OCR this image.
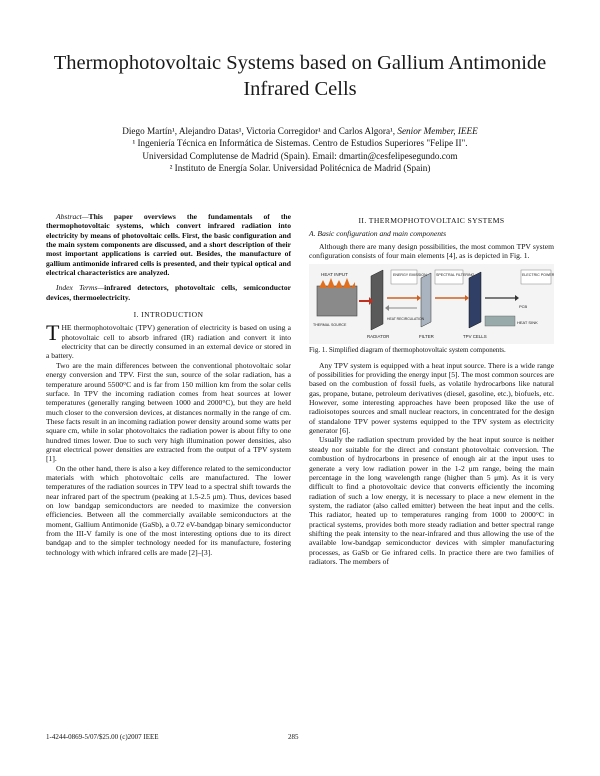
Thermophotovoltaic Systems based on Gallium Antimonide Infrared Cells
Diego Martín¹, Alejandro Datas¹, Victoria Corregidor¹ and Carlos Algora¹, Senior Member, IEEE
¹ Ingeniería Técnica en Informática de Sistemas. Centro de Estudios Superiores "Felipe II".
Universidad Complutense de Madrid (Spain). Email: dmartin@cesfelipesegundo.com
² Instituto de Energía Solar. Universidad Politécnica de Madrid (Spain)

Abstract—This paper overviews the fundamentals of the thermophotovoltaic systems, which convert infrared radiation into electricity by means of photovoltaic cells. First, the basic configuration and the main system components are discussed, and a short description of their most important applications is carried out. Besides, the manufacture of gallium antimonide infrared cells is presented, and their typical optical and electrical characteristics are analyzed.

Index Terms—infrared detectors, photovoltaic cells, semiconductor devices, thermoelectricity.

I. INTRODUCTION

THE thermophotovoltaic (TPV) generation of electricity is based on using a photovoltaic cell to absorb infrared (IR) radiation and convert it into electricity that can be directly consumed in an external device or stored in a battery.

Two are the main differences between the conventional photovoltaic solar energy conversion and TPV. First the sun, source of the solar radiation, has a temperature around 5500°C and is far from 150 million km from the solar cells surface. In TPV the incoming radiation comes from heat sources at lower temperatures (generally ranging between 1000 and 2000°C), but they are held much closer to the conversion devices, at distances normally in the range of cm. These facts result in an incoming radiation power density around some watts per square cm, while in solar photovoltaics the radiation power is about fifty to one hundred times lower. Due to such very high illumination power densities, also great electrical power densities are extracted from the output of a TPV system [1].

On the other hand, there is also a key difference related to the semiconductor materials with which photovoltaic cells are manufactured. The lower temperatures of the radiation sources in TPV lead to a spectral shift towards the near infrared part of the spectrum (peaking at 1.5-2.5 μm). Thus, devices based on low bandgap semiconductors are needed to maximize the conversion efficiencies. Between all the commercially available semiconductors at the moment, Gallium Antimonide (GaSb), a 0.72 eV-bandgap binary semiconductor from the III-V family is one of the most interesting options due to its direct bandgap and to the simpler technology needed for its manufacture, fostering technology with which infrared cells are made [2]–[3].

II. THERMOPHOTOVOLTAIC SYSTEMS
A. Basic configuration and main components

Although there are many design possibilities, the most common TPV system configuration consists of four main elements [4], as is depicted in Fig. 1.

HEAT INPUT	ENERGY EMISSION	SPECTRAL FILTERING	ELECTRIC POWER
RADIATOR	FILTER	TPV CELLS
HEAT RECIRCULATION
HEAT SINK
THERMAL SOURCE
PCB

Fig. 1. Simplified diagram of thermophotovoltaic system components.

Any TPV system is equipped with a heat input source. There is a wide range of possibilities for providing the energy input [5]. The most common sources are based on the combustion of fossil fuels, as volatile hydrocarbons like natural gas, propane, butane, petroleum derivatives (diesel, gasoline, etc.), biofuels, etc. However, some interesting approaches have been proposed like the use of radioisotopes sources and small nuclear reactors, in concentrated for the design of standalone TPV power systems equipped to the TPV system as electricity generator [6].

Usually the radiation spectrum provided by the heat input source is neither steady nor suitable for the direct and constant photovoltaic conversion. The combustion of hydrocarbons in presence of enough air at the input uses to generate a very low radiation power in the 1-2 μm range, being the main percentage in the long wavelength range (higher than 5 μm). As it is very difficult to find a photovoltaic device that converts efficiently the incoming radiation of such a low energy, it is necessary to place a new element in the system, the radiator (also called emitter) between the heat input and the cells. This radiator, heated up to temperatures ranging from 1000 to 2000°C in practical systems, provides both more steady radiation and better spectral range shifting the peak intensity to the near-infrared and thus allowing the use of the available low-bandgap semiconductor devices with simpler manufacturing processes, as GaSb or Ge infrared cells. In practice there are two families of radiators. The members of

1-4244-0869-5/07/$25.00 (c)2007 IEEE	285
